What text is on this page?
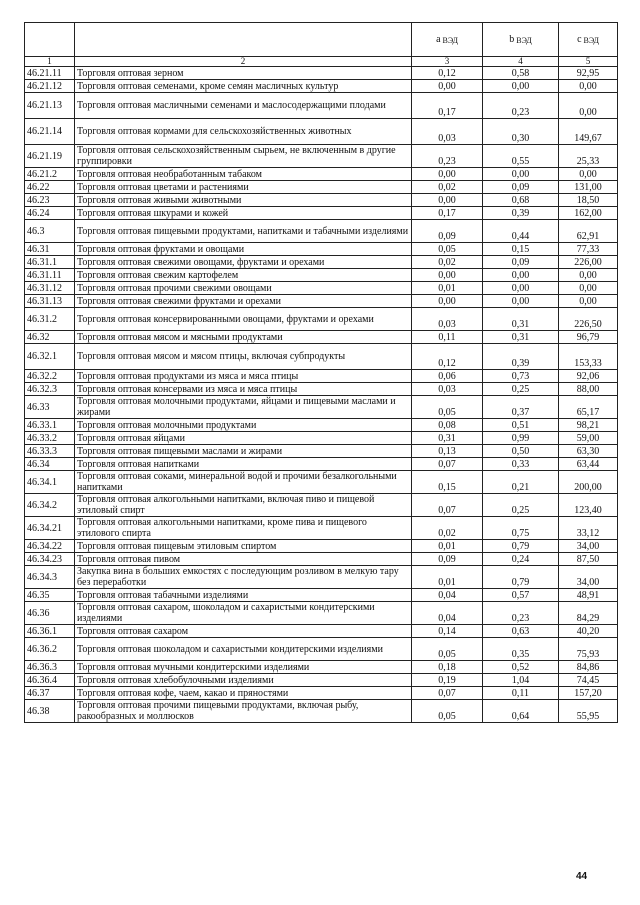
		a $_{ВЭД}$	b $_{ВЭД}$	c $_{ВЭД}$
1	2	3	4	5
46.21.11	Торговля оптовая зерном	0,12	0,58	92,95
46.21.12	Торговля оптовая семенами, кроме семян масличных культур	0,00	0,00	0,00
46.21.13	Торговля оптовая масличными семенами и маслосодержащими плодами	0,17	0,23	0,00
46.21.14	Торговля оптовая кормами для сельскохозяйственных животных	0,03	0,30	149,67
46.21.19	Торговля оптовая сельскохозяйственным сырьем, не включенным в другие группировки	0,23	0,55	25,33
46.21.2	Торговля оптовая необработанным табаком	0,00	0,00	0,00
46.22	Торговля оптовая цветами и растениями	0,02	0,09	131,00
46.23	Торговля оптовая живыми животными	0,00	0,68	18,50
46.24	Торговля оптовая шкурами и кожей	0,17	0,39	162,00
46.3	Торговля оптовая пищевыми продуктами, напитками и табачными изделиями	0,09	0,44	62,91
46.31	Торговля оптовая фруктами и овощами	0,05	0,15	77,33
46.31.1	Торговля оптовая свежими овощами, фруктами и орехами	0,02	0,09	226,00
46.31.11	Торговля оптовая свежим картофелем	0,00	0,00	0,00
46.31.12	Торговля оптовая прочими свежими овощами	0,01	0,00	0,00
46.31.13	Торговля оптовая свежими фруктами и орехами	0,00	0,00	0,00
46.31.2	Торговля оптовая консервированными овощами, фруктами и орехами	0,03	0,31	226,50
46.32	Торговля оптовая мясом и мясными продуктами	0,11	0,31	96,79
46.32.1	Торговля оптовая мясом и мясом птицы, включая субпродукты	0,12	0,39	153,33
46.32.2	Торговля оптовая продуктами из мяса и мяса птицы	0,06	0,73	92,06
46.32.3	Торговля оптовая консервами из мяса и мяса птицы	0,03	0,25	88,00
46.33	Торговля оптовая молочными продуктами, яйцами и пищевыми маслами и жирами	0,05	0,37	65,17
46.33.1	Торговля оптовая молочными продуктами	0,08	0,51	98,21
46.33.2	Торговля оптовая яйцами	0,31	0,99	59,00
46.33.3	Торговля оптовая пищевыми маслами и жирами	0,13	0,50	63,30
46.34	Торговля оптовая напитками	0,07	0,33	63,44
46.34.1	Торговля оптовая соками, минеральной водой и прочими безалкогольными напитками	0,15	0,21	200,00
46.34.2	Торговля оптовая алкогольными напитками, включая пиво и пищевой этиловый спирт	0,07	0,25	123,40
46.34.21	Торговля оптовая алкогольными напитками, кроме пива и пищевого этилового спирта	0,02	0,75	33,12
46.34.22	Торговля оптовая пищевым этиловым спиртом	0,01	0,79	34,00
46.34.23	Торговля оптовая пивом	0,09	0,24	87,50
46.34.3	Закупка вина в больших емкостях с последующим розливом в мелкую тару без переработки	0,01	0,79	34,00
46.35	Торговля оптовая табачными изделиями	0,04	0,57	48,91
46.36	Торговля оптовая сахаром, шоколадом и сахаристыми кондитерскими изделиями	0,04	0,23	84,29
46.36.1	Торговля оптовая сахаром	0,14	0,63	40,20
46.36.2	Торговля оптовая шоколадом и сахаристыми кондитерскими изделиями	0,05	0,35	75,93
46.36.3	Торговля оптовая мучными кондитерскими изделиями	0,18	0,52	84,86
46.36.4	Торговля оптовая хлебобулочными изделиями	0,19	1,04	74,45
46.37	Торговля оптовая кофе, чаем, какао и пряностями	0,07	0,11	157,20
46.38	Торговля оптовая прочими пищевыми продуктами, включая рыбу, ракообразных и моллюсков	0,05	0,64	55,95
44
